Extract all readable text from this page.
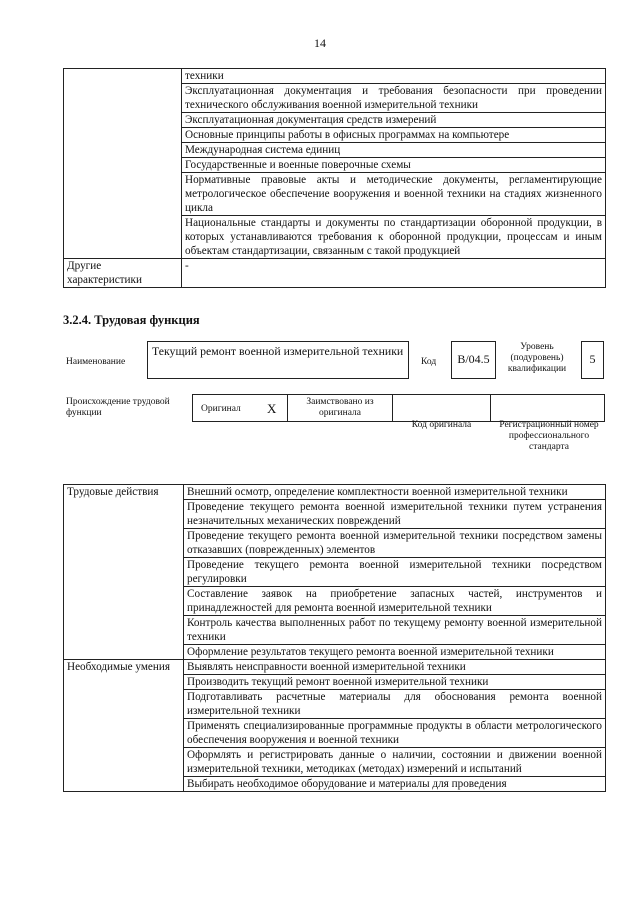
14
	техники
	Эксплуатационная документация и требования безопасности при проведении технического обслуживания военной измерительной техники
	Эксплуатационная документация средств измерений
	Основные принципы работы в офисных программах на компьютере
	Международная система единиц
	Государственные и военные поверочные схемы
	Нормативные правовые акты и методические документы, регламентирующие метрологическое обеспечение вооружения и военной техники на стадиях жизненного цикла
	Национальные стандарты и документы по стандартизации оборонной продукции, в которых устанавливаются требования к оборонной продукции, процессам и иным объектам стандартизации, связанным с такой продукцией
Другие характеристики	-
3.2.4. Трудовая функция
Наименование
Текущий ремонт военной измерительной техники
Код	B/04.5
Уровень (подуровень) квалификации
5
Происхождение трудовой функции	Оригинал X	Заимствовано из оригинала
Код оригинала	Регистрационный номер профессионального стандарта
Трудовые действия	Внешний осмотр, определение комплектности военной измерительной техники
	Проведение текущего ремонта военной измерительной техники путем устранения незначительных механических повреждений
	Проведение текущего ремонта военной измерительной техники посредством замены отказавших (поврежденных) элементов
	Проведение текущего ремонта военной измерительной техники посредством регулировки
	Составление заявок на приобретение запасных частей, инструментов и принадлежностей для ремонта военной измерительной техники
	Контроль качества выполненных работ по текущему ремонту военной измерительной техники
	Оформление результатов текущего ремонта военной измерительной техники
Необходимые умения	Выявлять неисправности военной измерительной техники
	Производить текущий ремонт военной измерительной техники
	Подготавливать расчетные материалы для обоснования ремонта военной измерительной техники
	Применять специализированные программные продукты в области метрологического обеспечения вооружения и военной техники
	Оформлять и регистрировать данные о наличии, состоянии и движении военной измерительной техники, методиках (методах) измерений и испытаний
	Выбирать необходимое оборудование и материалы для проведения
